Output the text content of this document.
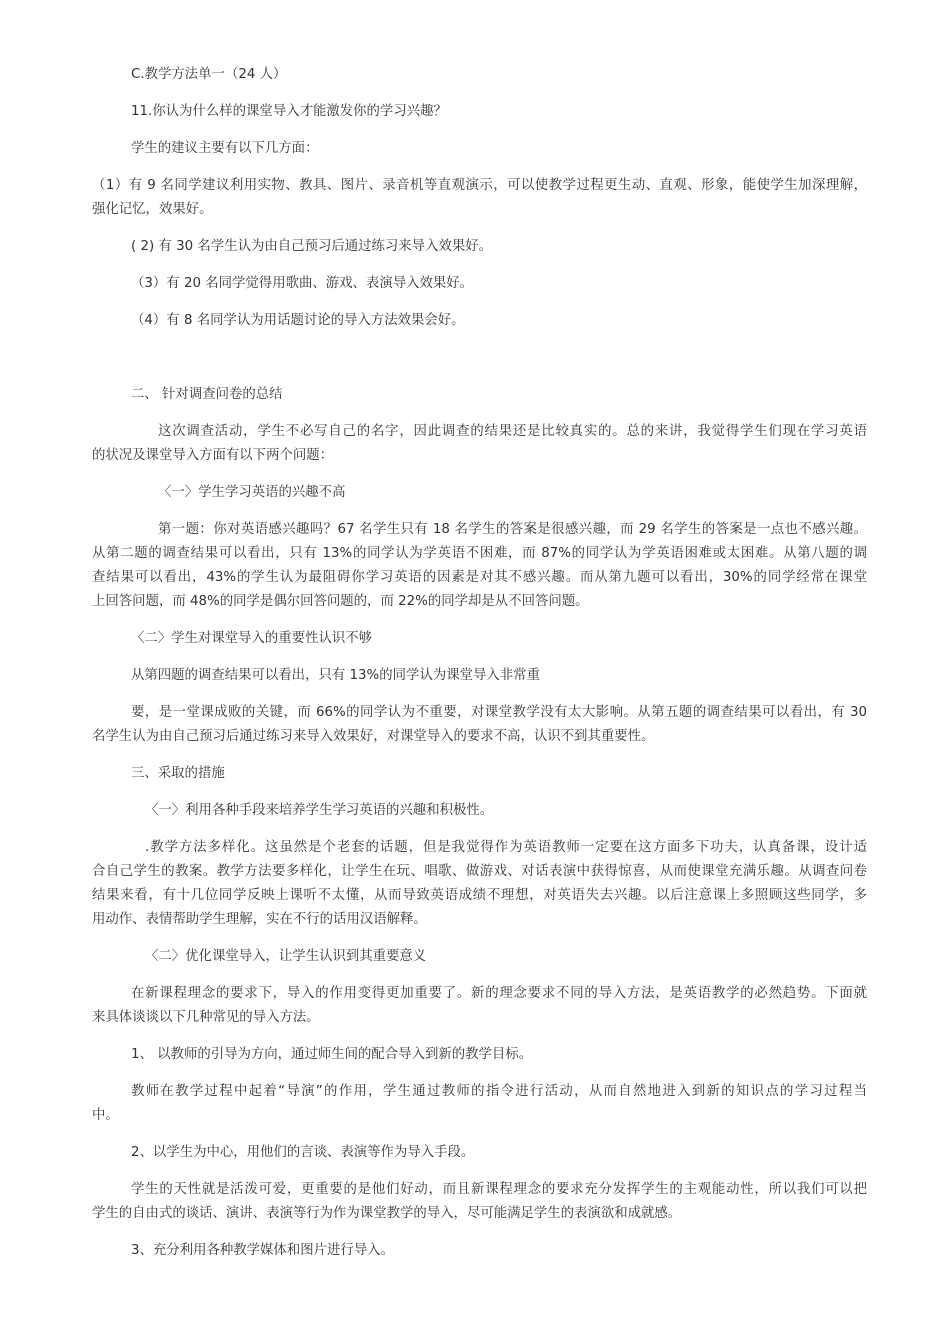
C.教学方法单一（24 人）
11.你认为什么样的课堂导入才能激发你的学习兴趣？
学生的建议主要有以下几方面：
（1）有 9 名同学建议利用实物、教具、图片、录音机等直观演示，可以使教学过程更生动、直观、形象，能使学生加深理解，
强化记忆，效果好。
( 2) 有 30 名学生认为由自己预习后通过练习来导入效果好。
（3）有 20 名同学觉得用歌曲、游戏、表演导入效果好。
（4）有 8 名同学认为用话题讨论的导入方法效果会好。
二、 针对调查问卷的总结
这次调查活动，学生不必写自己的名字，因此调查的结果还是比较真实的。总的来讲，我觉得学生们现在学习英语
的状况及课堂导入方面有以下两个问题：
〈一〉学生学习英语的兴趣不高
第一题：你对英语感兴趣吗？67 名学生只有 18 名学生的答案是很感兴趣，而 29 名学生的答案是一点也不感兴趣。
从第二题的调查结果可以看出，只有 13%的同学认为学英语不困难，而 87%的同学认为学英语困难或太困难。从第八题的调
查结果可以看出，43%的学生认为最阻碍你学习英语的因素是对其不感兴趣。而从第九题可以看出，30%的同学经常在课堂
上回答问题，而 48%的同学是偶尔回答问题的，而 22%的同学却是从不回答问题。
〈二〉学生对课堂导入的重要性认识不够
从第四题的调查结果可以看出，只有 13%的同学认为课堂导入非常重
要，是一堂课成败的关键，而 66%的同学认为不重要，对课堂教学没有太大影响。从第五题的调查结果可以看出，有 30
名学生认为由自己预习后通过练习来导入效果好，对课堂导入的要求不高，认识不到其重要性。
三、采取的措施
〈一〉利用各种手段来培养学生学习英语的兴趣和积极性。
.教学方法多样化。这虽然是个老套的话题，但是我觉得作为英语教师一定要在这方面多下功夫，认真备课，设计适
合自己学生的教案。教学方法要多样化，让学生在玩、唱歌、做游戏、对话表演中获得惊喜，从而使课堂充满乐趣。从调查问卷
结果来看，有十几位同学反映上课听不太懂，从而导致英语成绩不理想，对英语失去兴趣。以后注意课上多照顾这些同学，多
用动作、表情帮助学生理解，实在不行的话用汉语解释。
〈二〉优化课堂导入，让学生认识到其重要意义
在新课程理念的要求下，导入的作用变得更加重要了。新的理念要求不同的导入方法，是英语教学的必然趋势。下面就
来具体谈谈以下几种常见的导入方法。
1、 以教师的引导为方向，通过师生间的配合导入到新的教学目标。
教师在教学过程中起着“导演”的作用，学生通过教师的指令进行活动，从而自然地进入到新的知识点的学习过程当
中。
2、以学生为中心，用他们的言谈、表演等作为导入手段。
学生的天性就是活泼可爱，更重要的是他们好动，而且新课程理念的要求充分发挥学生的主观能动性，所以我们可以把
学生的自由式的谈话、演讲、表演等行为作为课堂教学的导入，尽可能满足学生的表演欲和成就感。
3、充分利用各种教学媒体和图片进行导入。
